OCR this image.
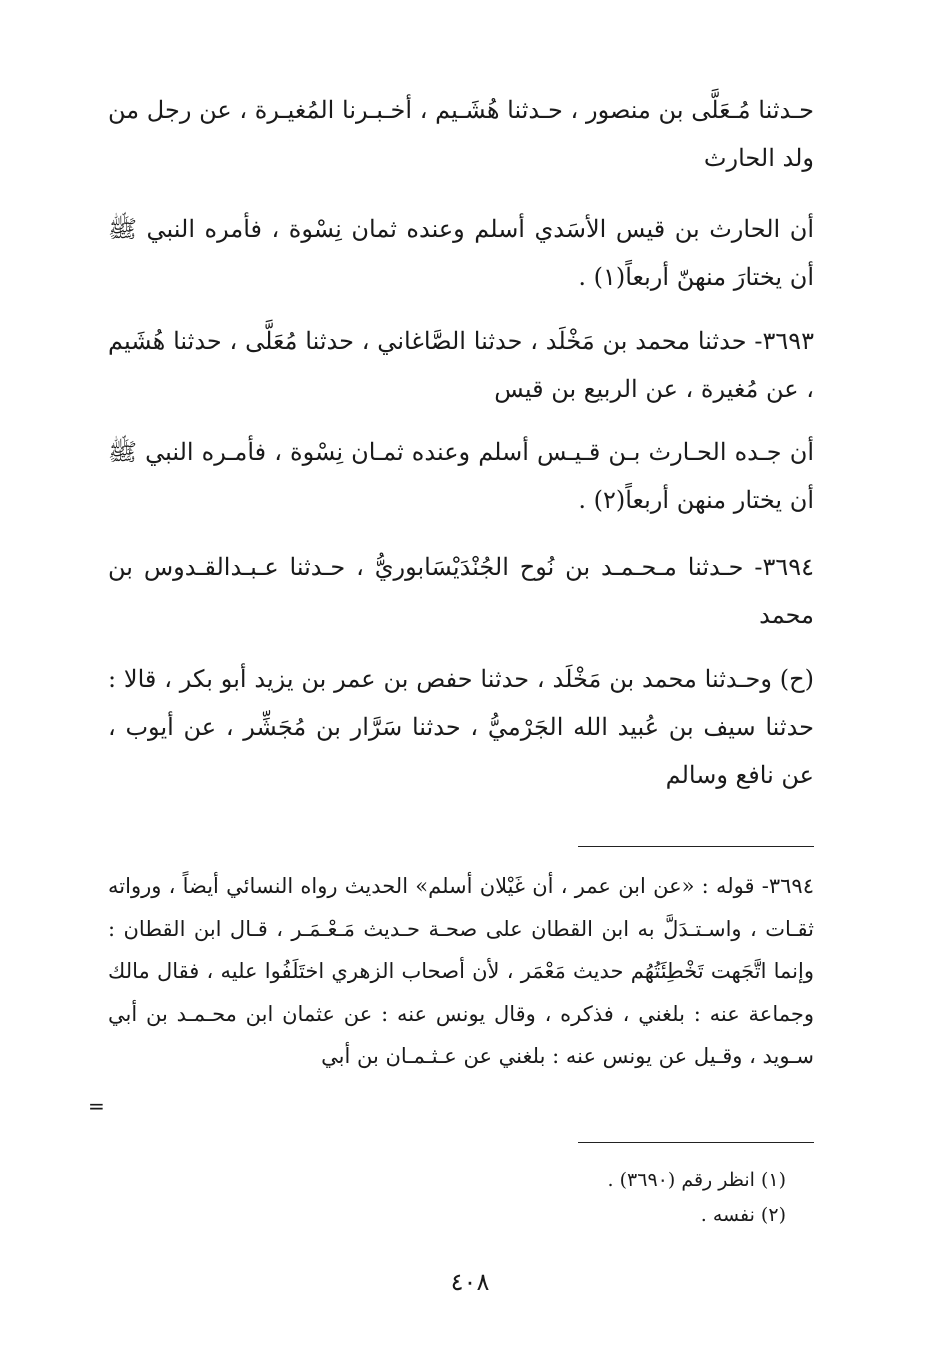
حـدثنا مُـعَلَّى بن منصور ، حـدثنا هُشَـيم ، أخـبـرنا المُغيـرة ، عن رجل من ولد الحارث

أن الحارث بن قيس الأسَدي أسلم وعنده ثمان نِسْوة ، فأمره النبي ﷺ أن يختارَ منهنّ أربعاً(١) .

٣٦٩٣- حدثنا محمد بن مَخْلَد ، حدثنا الصَّاغاني ، حدثنا مُعَلَّى ، حدثنا هُشَيم ، عن مُغيرة ، عن الربيع بن قيس

أن جـده الحـارث بـن قـيـس أسلم وعنده ثمـان نِسْوة ، فأمـره النبي ﷺ أن يختار منهن أربعاً(٢) .

٣٦٩٤- حـدثنا مـحـمـد بن نُوح الجُنْدَيْسَابوريُّ ، حـدثنا عـبـدالقـدوس بن محمد

(ح) وحـدثنا محمد بن مَخْلَد ، حدثنا حفص بن عمر بن يزيد أبو بكر ، قالا : حدثنا سيف بن عُبيد الله الجَرْميُّ ، حدثنا سَرَّار بن مُجَشِّر ، عن أيوب ، عن نافع وسالم

٣٦٩٤- قوله : «عن ابن عمر ، أن غَيْلان أسلم» الحديث رواه النسائي أيضاً ، ورواته ثقـات ، واسـتـدَلَّ به ابن القطان على صحـة حـديث مَـعْـمَـر ، قـال ابن القطان : وإنما اتَّجَهت تَخْطِئَتُهُم حديث مَعْمَر ، لأن أصحاب الزهري اختَلَفُوا عليه ، فقال مالك وجماعة عنه : بلغني ، فذكره ، وقال يونس عنه : عن عثمان ابن محـمـد بن أبي سـويد ، وقـيل عن يونس عنه : بلغني عن عـثـمـان بن أبي

=
(١) انظر رقم (٣٦٩٠) .
(٢) نفسه .
٤٠٨
